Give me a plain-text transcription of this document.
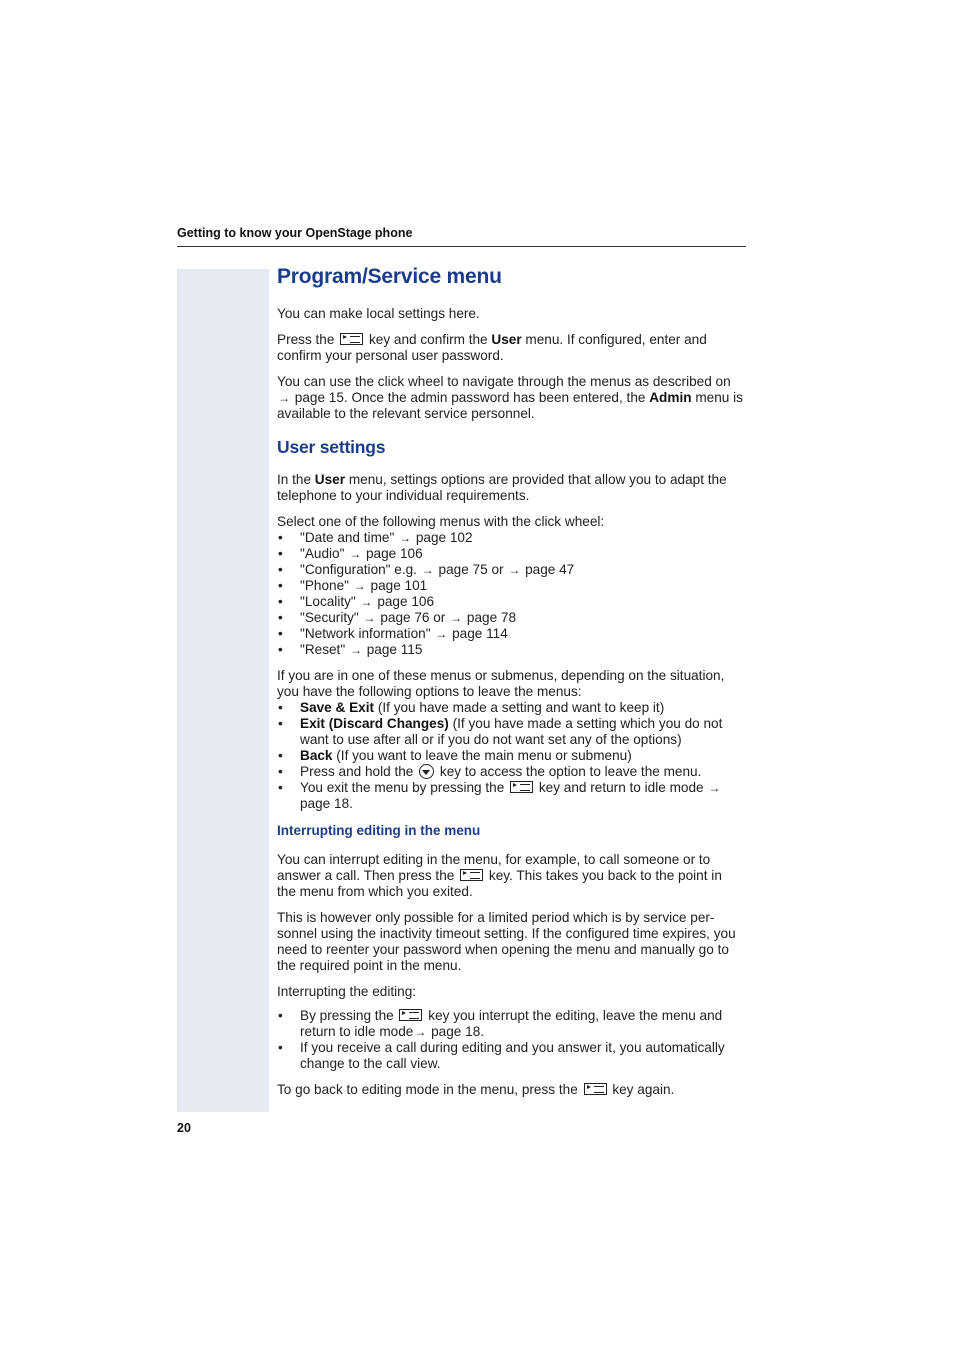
Getting to know your OpenStage phone
Program/Service menu

You can make local settings here.

Press the	key and confirm the User menu. If configured, enter and confirm your personal user password.

You can use the click wheel to navigate through the menus as described on → page 15. Once the admin password has been entered, the Admin menu is available to the relevant service personnel.

User settings

In the User menu, settings options are provided that allow you to adapt the telephone to your individual requirements.

Select one of the following menus with the click wheel:

• "Date and time" → page 102
• "Audio" → page 106
• "Configuration" e.g. → page 75 or → page 47
• "Phone" → page 101
• "Locality" → page 106
• "Security" → page 76 or → page 78
• "Network information" → page 114
• "Reset" → page 115

If you are in one of these menus or submenus, depending on the situation, you have the following options to leave the menus:

• Save & Exit (If you have made a setting and want to keep it)
• Exit (Discard Changes) (If you have made a setting which you do not want to use after all or if you do not want set any of the options)
• Back (If you want to leave the main menu or submenu)
• Press and hold the key to access the option to leave the menu.
• You exit the menu by pressing the	key and return to idle mode → page 18.
Interrupting editing in the menu

You can interrupt editing in the menu, for example, to call someone or to answer a call. Then press the	key. This takes you back to the point in the menu from which you exited.

This is however only possible for a limited period which is by service per- sonnel using the inactivity timeout setting. If the configured time expires, you need to reenter your password when opening the menu and manually go to the required point in the menu.

Interrupting the editing:

• By pressing the	key you interrupt the editing, leave the menu and return to idle mode→ page 18.
• If you receive a call during editing and you answer it, you automatically change to the call view.

To go back to editing mode in the menu, press the	key again.

20
